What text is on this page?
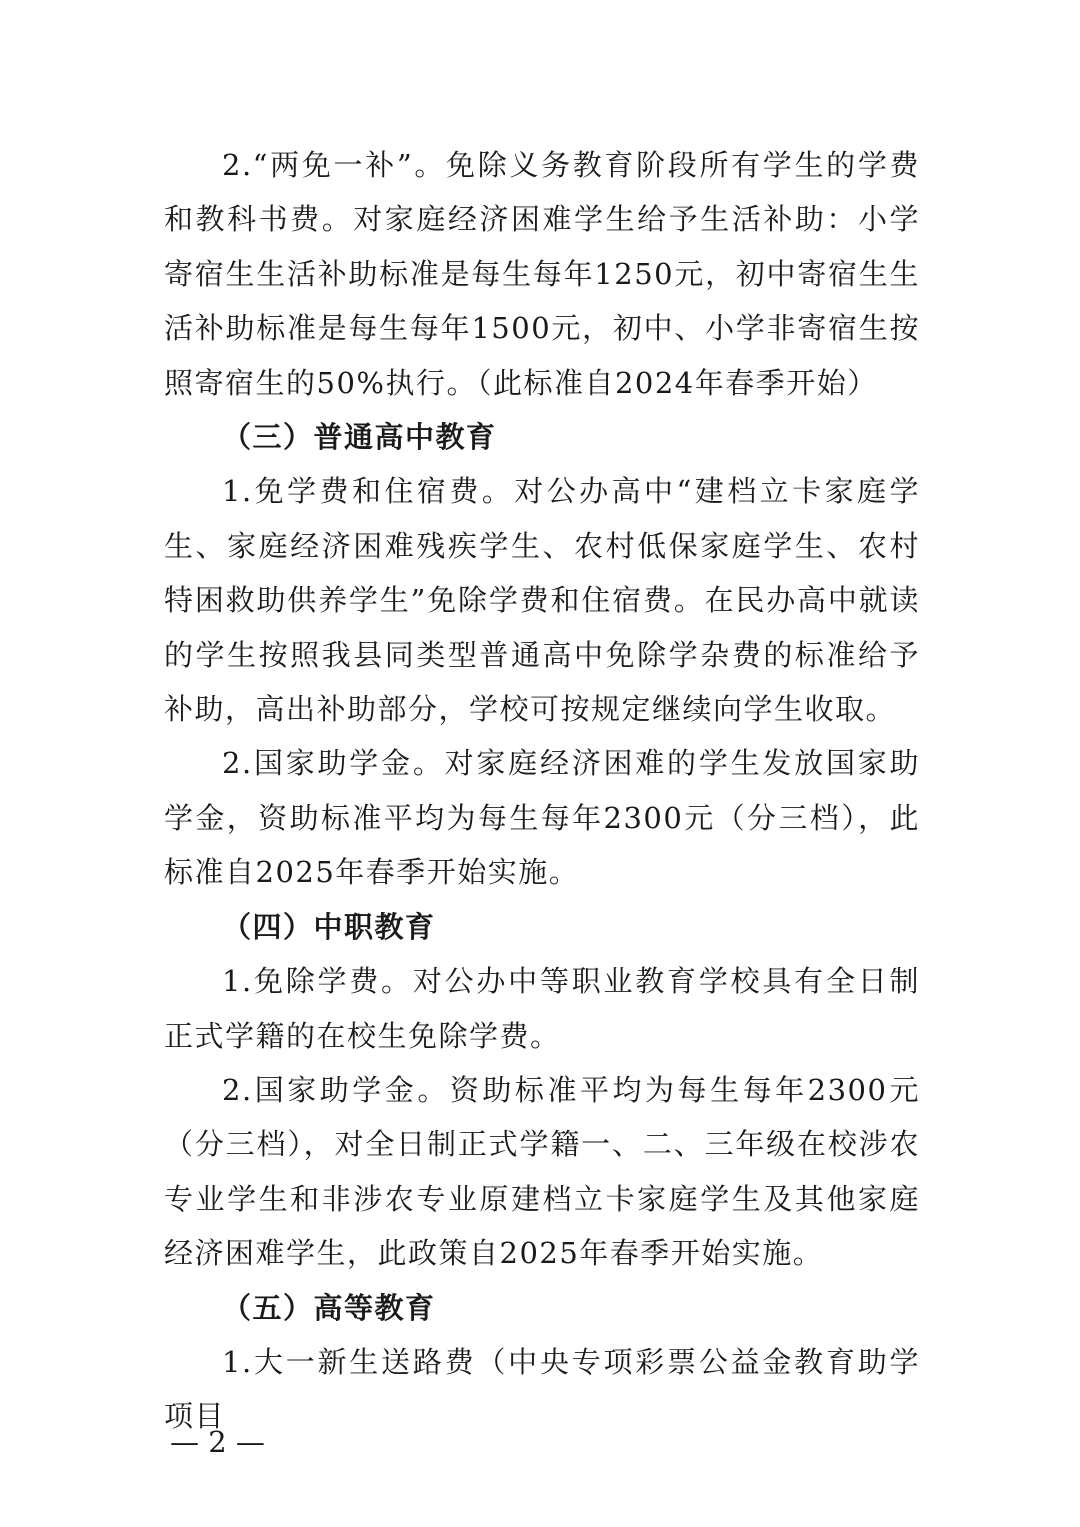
2.“两免一补”。免除义务教育阶段所有学生的学费和教科书费。对家庭经济困难学生给予生活补助：小学寄宿生生活补助标准是每生每年1250元，初中寄宿生生活补助标准是每生每年1500元，初中、小学非寄宿生按照寄宿生的50%执行。（此标准自2024年春季开始）

（三）普通高中教育

1.免学费和住宿费。对公办高中“建档立卡家庭学生、家庭经济困难残疾学生、农村低保家庭学生、农村特困救助供养学生”免除学费和住宿费。在民办高中就读的学生按照我县同类型普通高中免除学杂费的标准给予补助，高出补助部分，学校可按规定继续向学生收取。

2.国家助学金。对家庭经济困难的学生发放国家助学金，资助标准平均为每生每年2300元（分三档），此标准自2025年春季开始实施。

（四）中职教育

1.免除学费。对公办中等职业教育学校具有全日制正式学籍的在校生免除学费。

2.国家助学金。资助标准平均为每生每年2300元（分三档），对全日制正式学籍一、二、三年级在校涉农专业学生和非涉农专业原建档立卡家庭学生及其他家庭经济困难学生，此政策自2025年春季开始实施。

（五）高等教育

1.大一新生送路费（中央专项彩票公益金教育助学项目

— 2 —
